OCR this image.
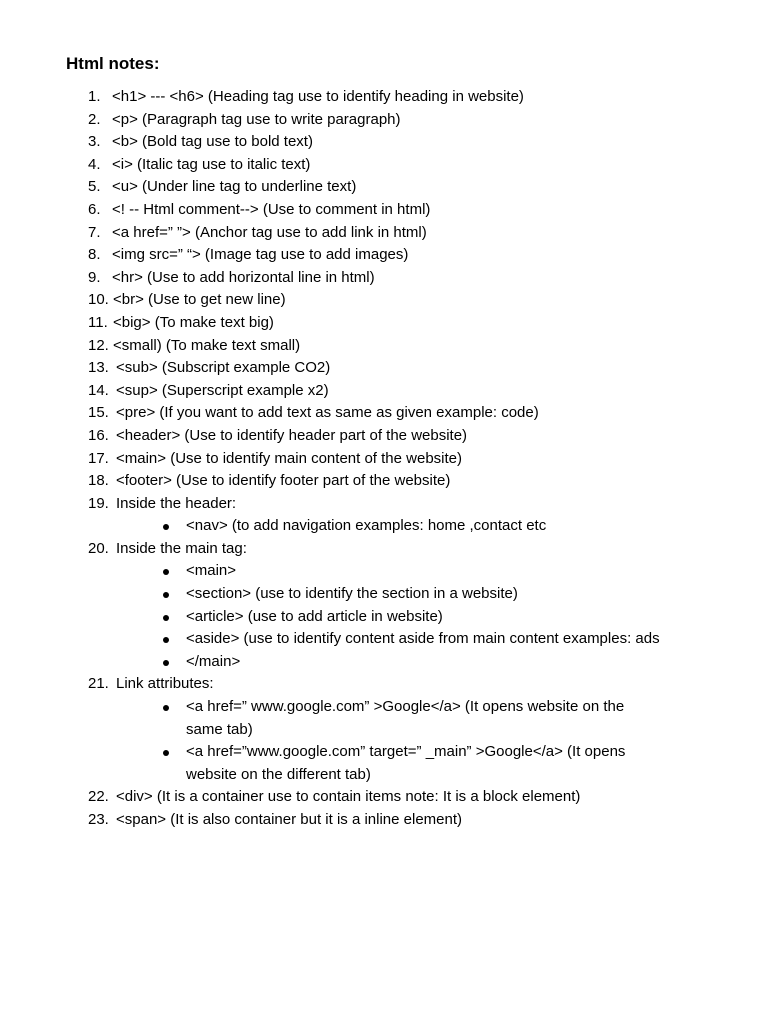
Html notes:
1. <h1> --- <h6> (Heading tag use to identify heading in website)
2. <p> (Paragraph tag use to write paragraph)
3. <b> (Bold tag use to bold text)
4. <i> (Italic tag use to italic text)
5. <u> (Under line tag to underline text)
6. <! -- Html comment--> (Use to comment in html)
7. <a href=” ”> (Anchor tag use to add link in html)
8. <img src=” “> (Image tag use to add images)
9. <hr> (Use to add horizontal line in html)
10. <br> (Use to get new line)
11. <big> (To make text big)
12. <small) (To make text small)
13. <sub> (Subscript example CO2)
14. <sup> (Superscript example x2)
15. <pre> (If you want to add text as same as given example: code)
16. <header> (Use to identify header part of the website)
17. <main> (Use to identify main content of the website)
18. <footer> (Use to identify footer part of the website)
19. Inside the header:
<nav> (to add navigation examples: home ,contact etc
20. Inside the main tag:
<main>
<section> (use to identify the section in a website)
<article> (use to add article in website)
<aside> (use to identify content aside from main content examples: ads
</main>
21. Link attributes:
<a href=” www.google.com” >Google</a> (It opens website on the
same tab)
<a href=”www.google.com” target=” _main” >Google</a> (It opens
website on the different tab)
22. <div> (It is a container use to contain items note: It is a block element)
23. <span> (It is also container but it is a inline element)
